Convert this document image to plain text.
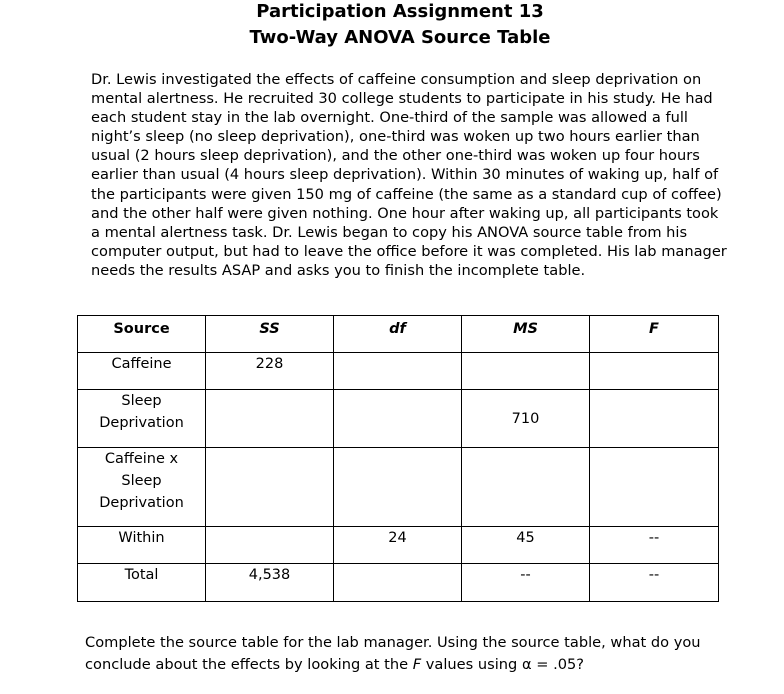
Participation Assignment 13
Two-Way ANOVA Source Table

Dr. Lewis investigated the effects of caffeine consumption and sleep deprivation on
mental alertness. He recruited 30 college students to participate in his study. He had
each student stay in the lab overnight. One-third of the sample was allowed a full
night’s sleep (no sleep deprivation), one-third was woken up two hours earlier than
usual (2 hours sleep deprivation), and the other one-third was woken up four hours
earlier than usual (4 hours sleep deprivation). Within 30 minutes of waking up, half of
the participants were given 150 mg of caffeine (the same as a standard cup of coffee)
and the other half were given nothing. One hour after waking up, all participants took
a mental alertness task. Dr. Lewis began to copy his ANOVA source table from his
computer output, but had to leave the office before it was completed. His lab manager
needs the results ASAP and asks you to finish the incomplete table.

Source	SS	df	MS	F
Caffeine	228			

Sleep
Deprivation			710	

Caffeine x
Sleep
Deprivation				

Within		24	45	--
Total	4,538		--	--

Complete the source table for the lab manager. Using the source table, what do you
conclude about the effects by looking at the F values using α = .05?
